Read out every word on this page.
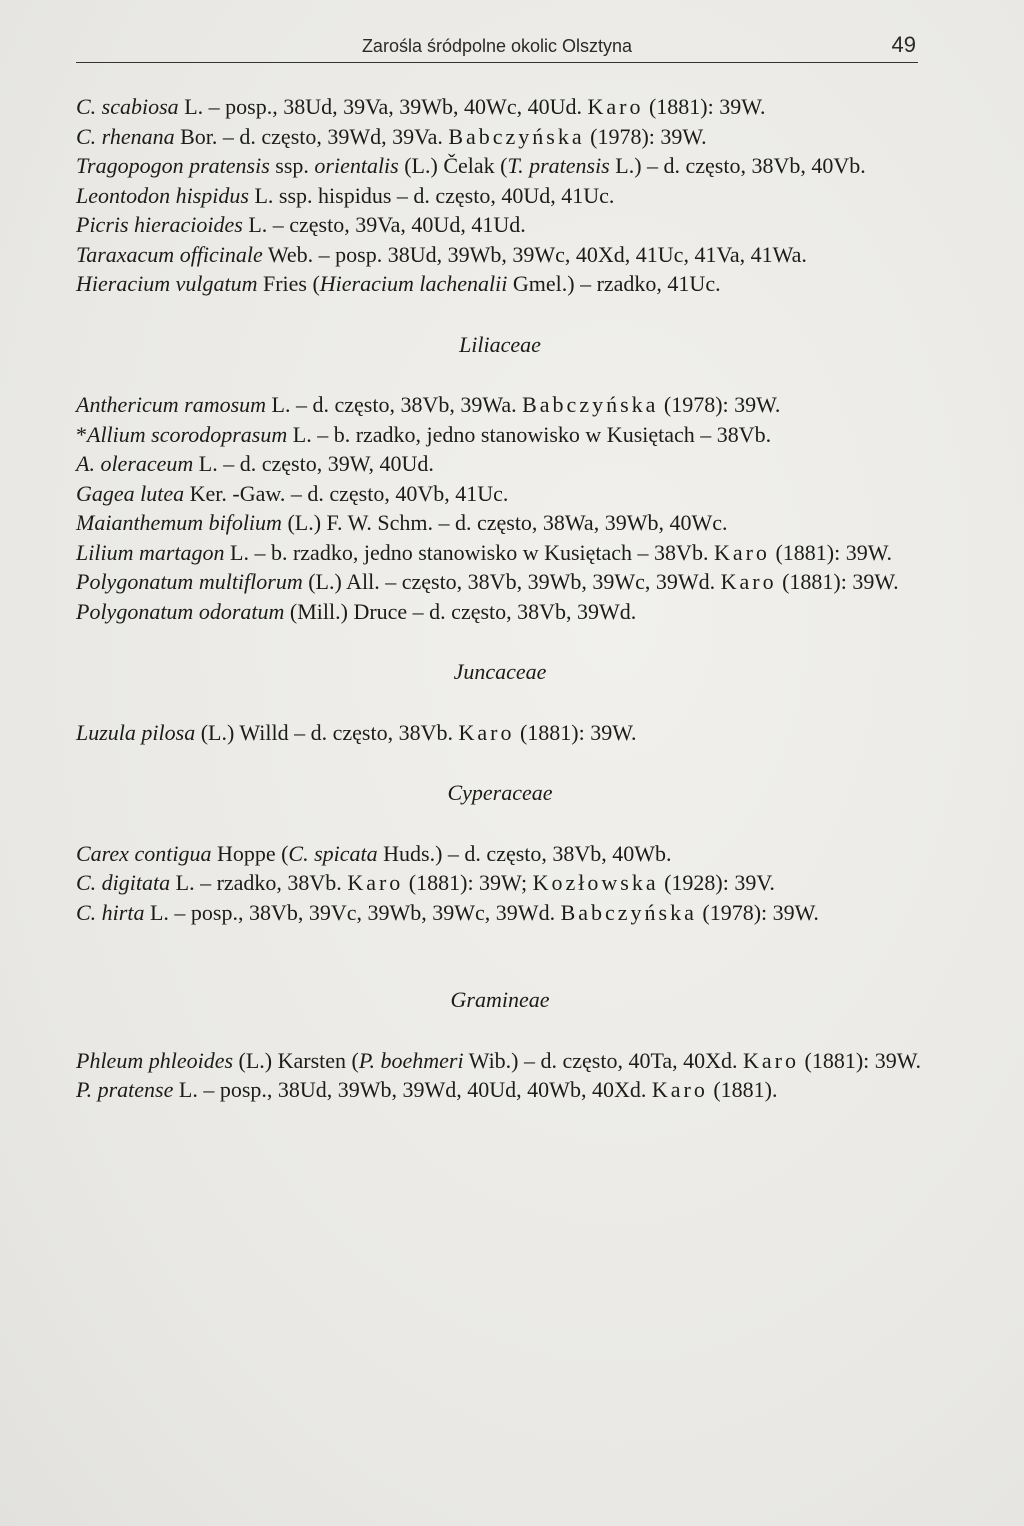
Zarośla śródpolne okolic Olsztyna	49

C. scabiosa L. – posp., 38Ud, 39Va, 39Wb, 40Wc, 40Ud. Karo (1881): 39W.

C. rhenana Bor. – d. często, 39Wd, 39Va. Babczyńska (1978): 39W.

Tragopogon pratensis ssp. orientalis (L.) Čelak (T. pratensis L.) – d. często, 38Vb, 40Vb.

Leontodon hispidus L. ssp. hispidus – d. często, 40Ud, 41Uc.

Picris hieracioides L. – często, 39Va, 40Ud, 41Ud.

Taraxacum officinale Web. – posp. 38Ud, 39Wb, 39Wc, 40Xd, 41Uc, 41Va, 41Wa.

Hieracium vulgatum Fries (Hieracium lachenalii Gmel.) – rzadko, 41Uc.

Liliaceae

Anthericum ramosum L. – d. często, 38Vb, 39Wa. Babczyńska (1978): 39W.

*Allium scorodoprasum L. – b. rzadko, jedno stanowisko w Kusiętach – 38Vb.

A. oleraceum L. – d. często, 39W, 40Ud.

Gagea lutea Ker. -Gaw. – d. często, 40Vb, 41Uc.

Maianthemum bifolium (L.) F. W. Schm. – d. często, 38Wa, 39Wb, 40Wc.

Lilium martagon L. – b. rzadko, jedno stanowisko w Kusiętach – 38Vb. Karo (1881): 39W.

Polygonatum multiflorum (L.) All. – często, 38Vb, 39Wb, 39Wc, 39Wd. Karo (1881): 39W.

Polygonatum odoratum (Mill.) Druce – d. często, 38Vb, 39Wd.

Juncaceae

Luzula pilosa (L.) Willd – d. często, 38Vb. Karo (1881): 39W.

Cyperaceae

Carex contigua Hoppe (C. spicata Huds.) – d. często, 38Vb, 40Wb.

C. digitata L. – rzadko, 38Vb. Karo (1881): 39W; Kozłowska (1928): 39V.

C. hirta L. – posp., 38Vb, 39Vc, 39Wb, 39Wc, 39Wd. Babczyńska (1978): 39W.

Gramineae

Phleum phleoides (L.) Karsten (P. boehmeri Wib.) – d. często, 40Ta, 40Xd. Karo (1881): 39W.

P. pratense L. – posp., 38Ud, 39Wb, 39Wd, 40Ud, 40Wb, 40Xd. Karo (1881).
